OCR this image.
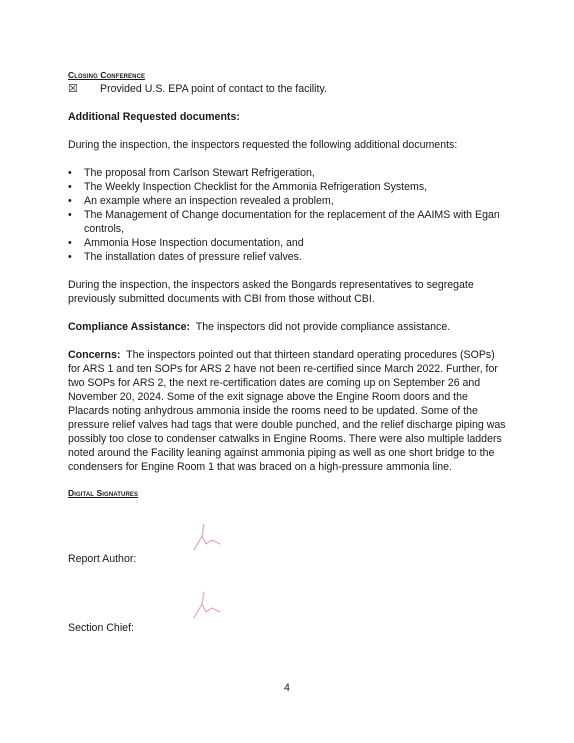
Closing Conference
☒	Provided U.S. EPA point of contact to the facility.
Additional Requested documents:
During the inspection, the inspectors requested the following additional documents:
• The proposal from Carlson Stewart Refrigeration,
• The Weekly Inspection Checklist for the Ammonia Refrigeration Systems,
• An example where an inspection revealed a problem,
• The Management of Change documentation for the replacement of the AAIMS with Egan controls,
• Ammonia Hose Inspection documentation, and
• The installation dates of pressure relief valves.
During the inspection, the inspectors asked the Bongards representatives to segregate previously submitted documents with CBI from those without CBI.
Compliance Assistance: The inspectors did not provide compliance assistance.
Concerns: The inspectors pointed out that thirteen standard operating procedures (SOPs) for ARS 1 and ten SOPs for ARS 2 have not been re-certified since March 2022. Further, for two SOPs for ARS 2, the next re-certification dates are coming up on September 26 and November 20, 2024. Some of the exit signage above the Engine Room doors and the Placards noting anhydrous ammonia inside the rooms need to be updated. Some of the pressure relief valves had tags that were double punched, and the relief discharge piping was possibly too close to condenser catwalks in Engine Rooms. There were also multiple ladders noted around the Facility leaning against ammonia piping as well as one short bridge to the condensers for Engine Room 1 that was braced on a high-pressure ammonia line.
Digital Signatures
Report Author:
Section Chief:
4
